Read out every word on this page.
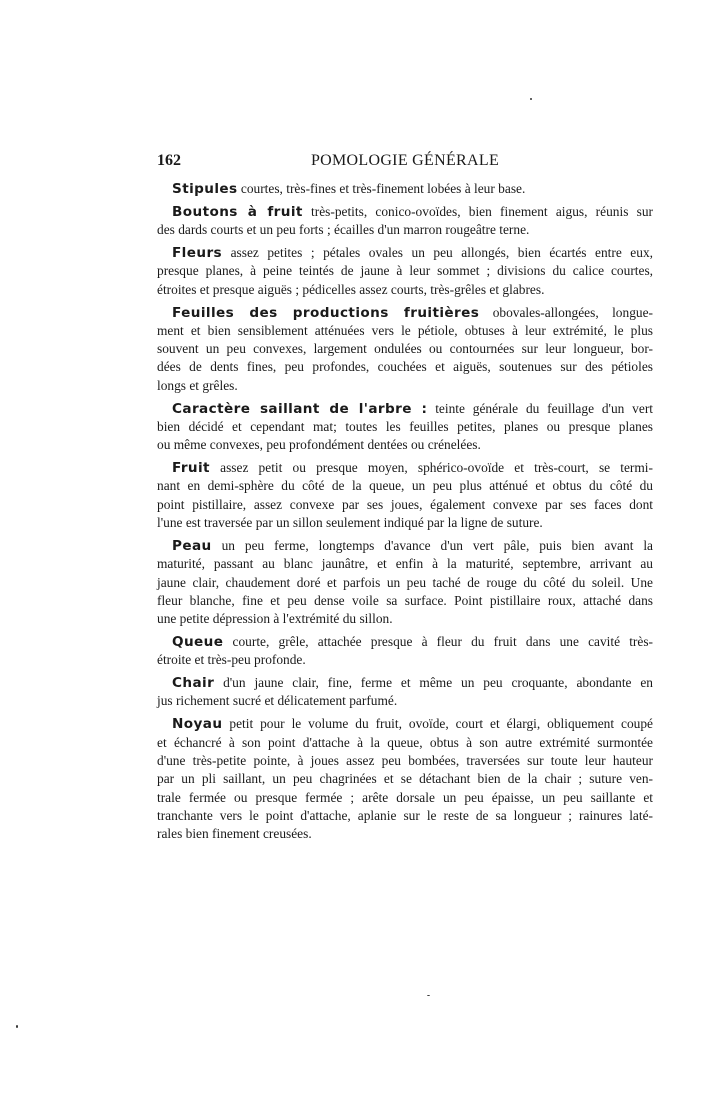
162	POMOLOGIE GÉNÉRALE
Stipules courtes, très-fines et très-finement lobées à leur base.
Boutons à fruit très-petits, conico-ovoïdes, bien finement aigus, réunis sur
des dards courts et un peu forts ; écailles d'un marron rougeâtre terne.
Fleurs assez petites ; pétales ovales un peu allongés, bien écartés entre eux,
presque planes, à peine teintés de jaune à leur sommet ; divisions du calice courtes,
étroites et presque aiguës ; pédicelles assez courts, très-grêles et glabres.
Feuilles des productions fruitières obovales-allongées, longue-
ment et bien sensiblement atténuées vers le pétiole, obtuses à leur extrémité, le plus
souvent un peu convexes, largement ondulées ou contournées sur leur longueur, bor-
dées de dents fines, peu profondes, couchées et aiguës, soutenues sur des pétioles
longs et grêles.
Caractère saillant de l'arbre : teinte générale du feuillage d'un vert
bien décidé et cependant mat; toutes les feuilles petites, planes ou presque planes
ou même convexes, peu profondément dentées ou crénelées.
Fruit assez petit ou presque moyen, sphérico-ovoïde et très-court, se termi-
nant en demi-sphère du côté de la queue, un peu plus atténué et obtus du côté du
point pistillaire, assez convexe par ses joues, également convexe par ses faces dont
l'une est traversée par un sillon seulement indiqué par la ligne de suture.
Peau un peu ferme, longtemps d'avance d'un vert pâle, puis bien avant la
maturité, passant au blanc jaunâtre, et enfin à la maturité, septembre, arrivant au
jaune clair, chaudement doré et parfois un peu taché de rouge du côté du soleil. Une
fleur blanche, fine et peu dense voile sa surface. Point pistillaire roux, attaché dans
une petite dépression à l'extrémité du sillon.
Queue courte, grêle, attachée presque à fleur du fruit dans une cavité très-
étroite et très-peu profonde.
Chair d'un jaune clair, fine, ferme et même un peu croquante, abondante en
jus richement sucré et délicatement parfumé.
Noyau petit pour le volume du fruit, ovoïde, court et élargi, obliquement coupé
et échancré à son point d'attache à la queue, obtus à son autre extrémité surmontée
d'une très-petite pointe, à joues assez peu bombées, traversées sur toute leur hauteur
par un pli saillant, un peu chagrinées et se détachant bien de la chair ; suture ven-
trale fermée ou presque fermée ; arête dorsale un peu épaisse, un peu saillante et
tranchante vers le point d'attache, aplanie sur le reste de sa longueur ; rainures laté-
rales bien finement creusées.
